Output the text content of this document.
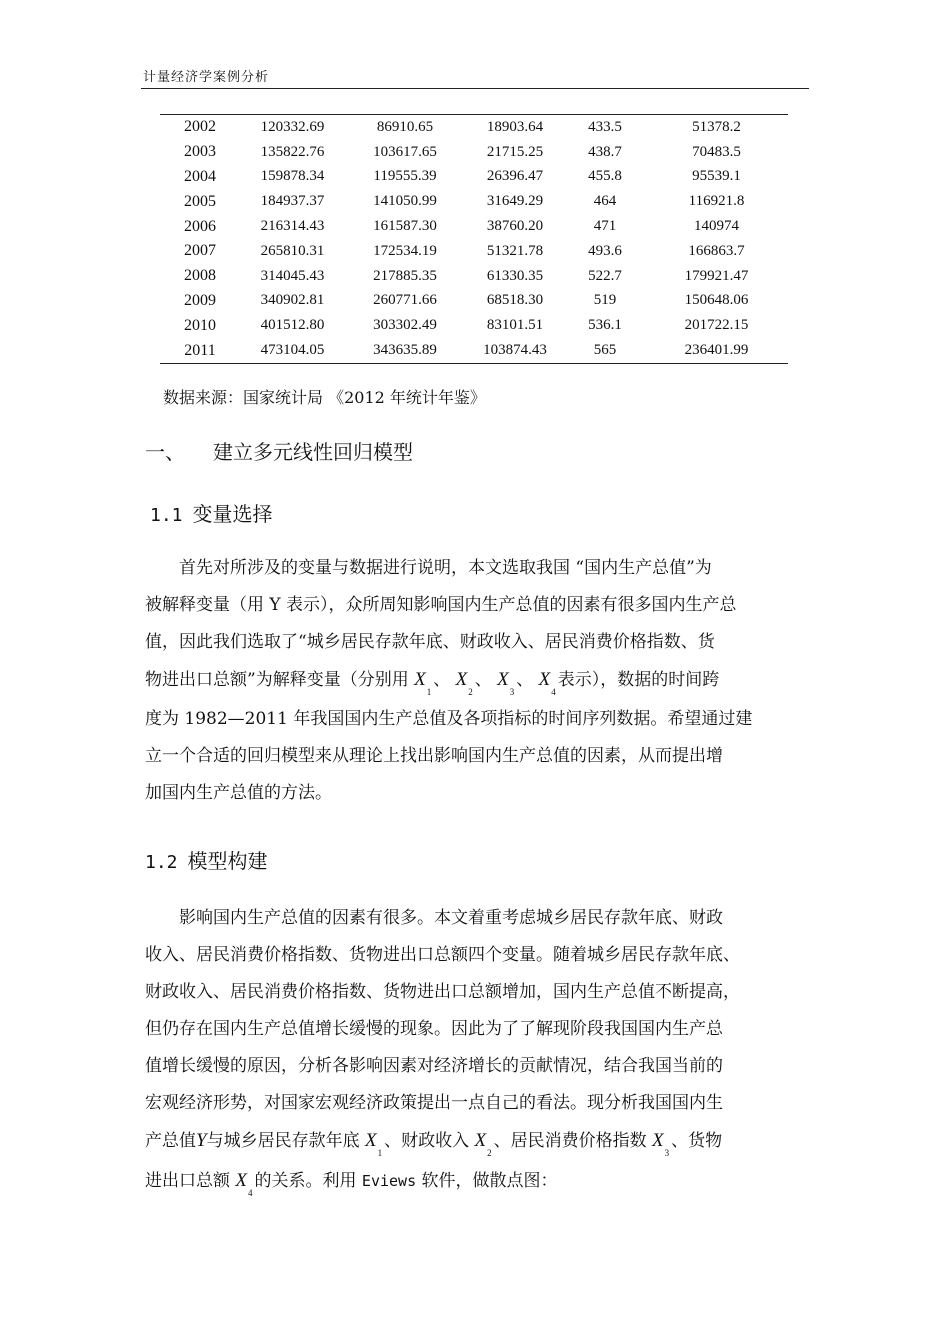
计量经济学案例分析
2002	120332.69	86910.65	18903.64	433.5	51378.2
2003	135822.76	103617.65	21715.25	438.7	70483.5
2004	159878.34	119555.39	26396.47	455.8	95539.1
2005	184937.37	141050.99	31649.29	464	116921.8
2006	216314.43	161587.30	38760.20	471	140974
2007	265810.31	172534.19	51321.78	493.6	166863.7
2008	314045.43	217885.35	61330.35	522.7	179921.47
2009	340902.81	260771.66	68518.30	519	150648.06
2010	401512.80	303302.49	83101.51	536.1	201722.15
2011	473104.05	343635.89	103874.43	565	236401.99
数据来源：国家统计局 《2012 年统计年鉴》
一、 建立多元线性回归模型
1.1 变量选择
首先对所涉及的变量与数据进行说明，本文选取我国 “国内生产总值”为
被解释变量（用 Y 表示），众所周知影响国内生产总值的因素有很多国内生产总
值，因此我们选取了“城乡居民存款年底、财政收入、居民消费价格指数、货
物进出口总额”为解释变量（分别用 $X_1$、 $X_2$、 $X_3$、 $X_4$表示），数据的时间跨
度为 1982—2011 年我国国内生产总值及各项指标的时间序列数据。希望通过建
立一个合适的回归模型来从理论上找出影响国内生产总值的因素，从而提出增
加国内生产总值的方法。
1.2 模型构建
影响国内生产总值的因素有很多。本文着重考虑城乡居民存款年底、财政
收入、居民消费价格指数、货物进出口总额四个变量。随着城乡居民存款年底、
财政收入、居民消费价格指数、货物进出口总额增加，国内生产总值不断提高，
但仍存在国内生产总值增长缓慢的现象。因此为了了解现阶段我国国内生产总
值增长缓慢的原因，分析各影响因素对经济增长的贡献情况，结合我国当前的
宏观经济形势，对国家宏观经济政策提出一点自己的看法。现分析我国国内生
产总值Y与城乡居民存款年底 $X_1$、财政收入 $X_2$、居民消费价格指数 $X_3$、货物
进出口总额 $X_4$的关系。利用 Eviews 软件，做散点图：
